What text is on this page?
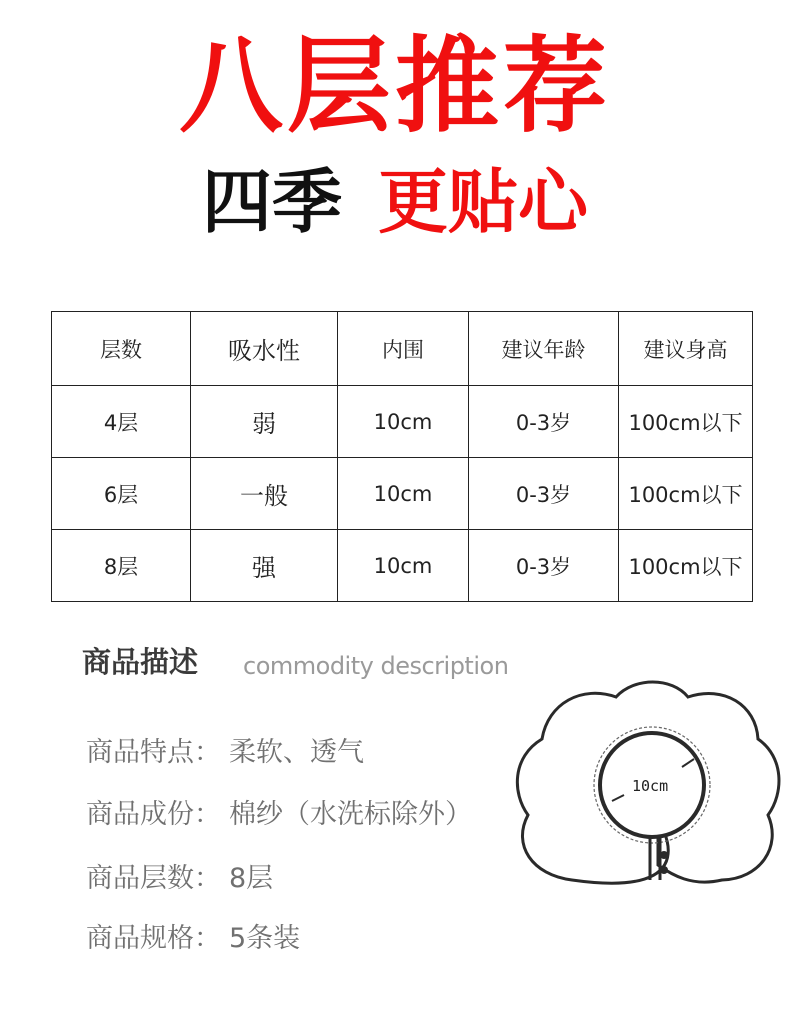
八层推荐
四季 更贴心
层数	吸水性	内围	建议年龄	建议身高
4层	弱	10cm	0-3岁	100cm以下
6层	一般	10cm	0-3岁	100cm以下
8层	强	10cm	0-3岁	100cm以下
商品描述 commodity description
商品特点： 柔软、透气
商品成份： 棉纱（水洗标除外）
商品层数： 8层
商品规格： 5条装
10cm
